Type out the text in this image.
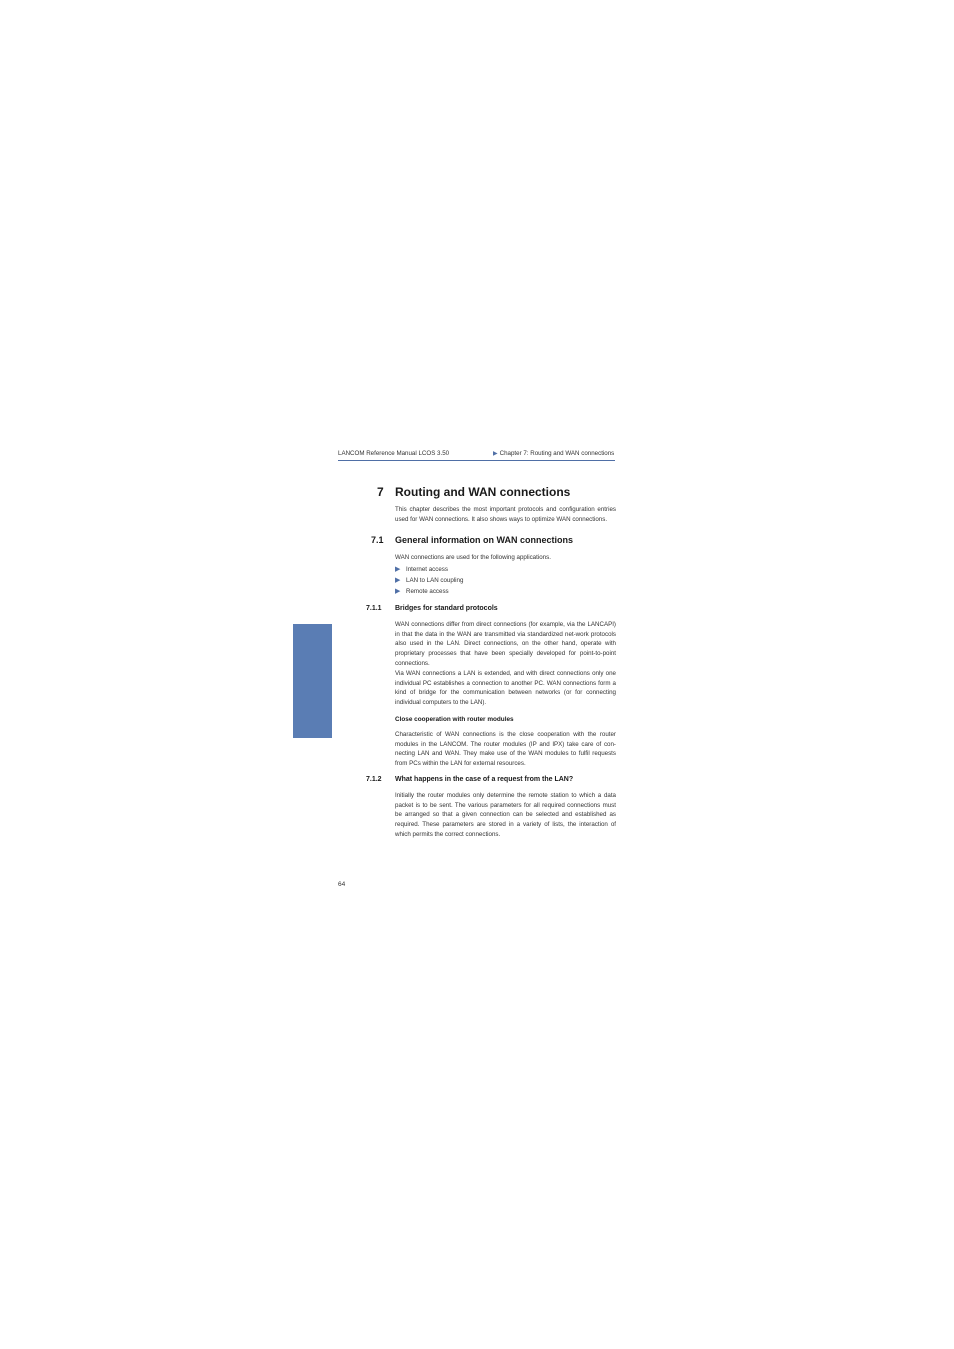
LANCOM Reference Manual LCOS 3.50	▶ Chapter 7: Routing and WAN connections
Routing and WAN connections
7 Routing and WAN connections
This chapter describes the most important protocols and configuration entries used for WAN connections. It also shows ways to optimize WAN connections.
7.1 General information on WAN connections
WAN connections are used for the following applications.
▶ Internet access
▶ LAN to LAN coupling
▶ Remote access
7.1.1 Bridges for standard protocols
WAN connections differ from direct connections (for example, via the LANCAPI) in that the data in the WAN are transmitted via standardized net-work protocols also used in the LAN. Direct connections, on the other hand, operate with proprietary processes that have been specially developed for point-to-point connections.
Via WAN connections a LAN is extended, and with direct connections only one individual PC establishes a connection to another PC. WAN connections form a kind of bridge for the communication between networks (or for connecting individual computers to the LAN).
Close cooperation with router modules
Characteristic of WAN connections is the close cooperation with the router modules in the LANCOM. The router modules (IP and IPX) take care of con-necting LAN and WAN. They make use of the WAN modules to fulfil requests from PCs within the LAN for external resources.
7.1.2 What happens in the case of a request from the LAN?
Initially the router modules only determine the remote station to which a data packet is to be sent. The various parameters for all required connections must be arranged so that a given connection can be selected and established as required. These parameters are stored in a variety of lists, the interaction of which permits the correct connections.
64
